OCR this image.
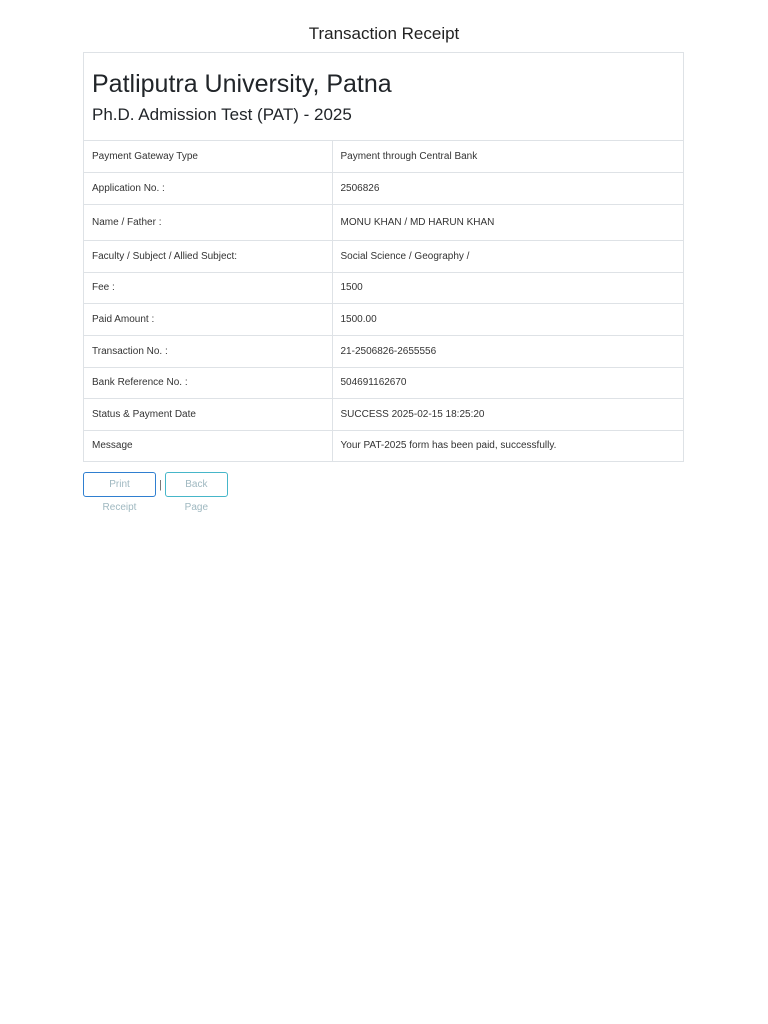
Transaction Receipt
Patliputra University, Patna
Ph.D. Admission Test (PAT) - 2025
Payment Gateway Type	Payment through Central Bank
Application No. :	2506826
Name / Father :	MONU KHAN / MD HARUN KHAN
Faculty / Subject / Allied Subject:	Social Science / Geography /
Fee :	1500
Paid Amount :	1500.00
Transaction No. :	21-2506826-2655556
Bank Reference No. :	504691162670
Status & Payment Date	SUCCESS 2025-02-15 18:25:20
Message	Your PAT-2025 form has been paid, successfully.
Print Receipt
|	Back Page
